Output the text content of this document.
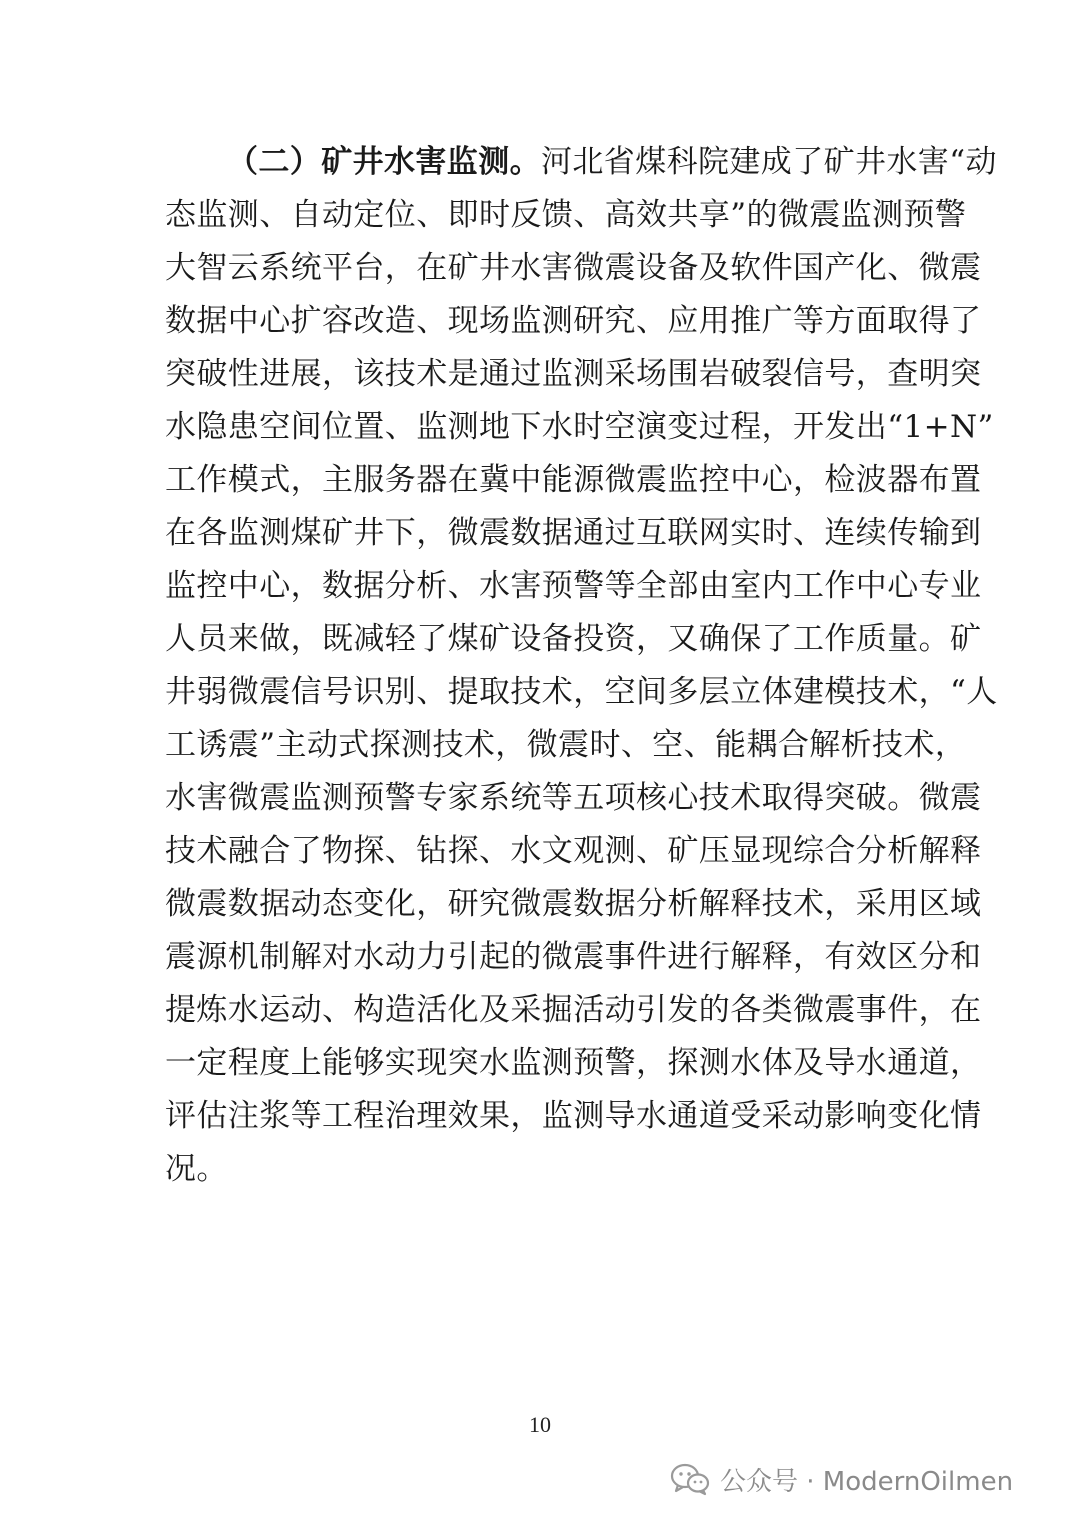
（二）矿井水害监测。河北省煤科院建成了矿井水害“动
态监测、自动定位、即时反馈、高效共享”的微震监测预警
大智云系统平台，在矿井水害微震设备及软件国产化、微震
数据中心扩容改造、现场监测研究、应用推广等方面取得了
突破性进展，该技术是通过监测采场围岩破裂信号，查明突
水隐患空间位置、监测地下水时空演变过程，开发出“1+N”
工作模式，主服务器在冀中能源微震监控中心，检波器布置
在各监测煤矿井下，微震数据通过互联网实时、连续传输到
监控中心，数据分析、水害预警等全部由室内工作中心专业
人员来做，既减轻了煤矿设备投资，又确保了工作质量。矿
井弱微震信号识别、提取技术，空间多层立体建模技术，“人
工诱震”主动式探测技术，微震时、空、能耦合解析技术，
水害微震监测预警专家系统等五项核心技术取得突破。微震
技术融合了物探、钻探、水文观测、矿压显现综合分析解释
微震数据动态变化，研究微震数据分析解释技术，采用区域
震源机制解对水动力引起的微震事件进行解释，有效区分和
提炼水运动、构造活化及采掘活动引发的各类微震事件，在
一定程度上能够实现突水监测预警，探测水体及导水通道，
评估注浆等工程治理效果，监测导水通道受采动影响变化情
况。
10
公众号 · ModernOilmen
